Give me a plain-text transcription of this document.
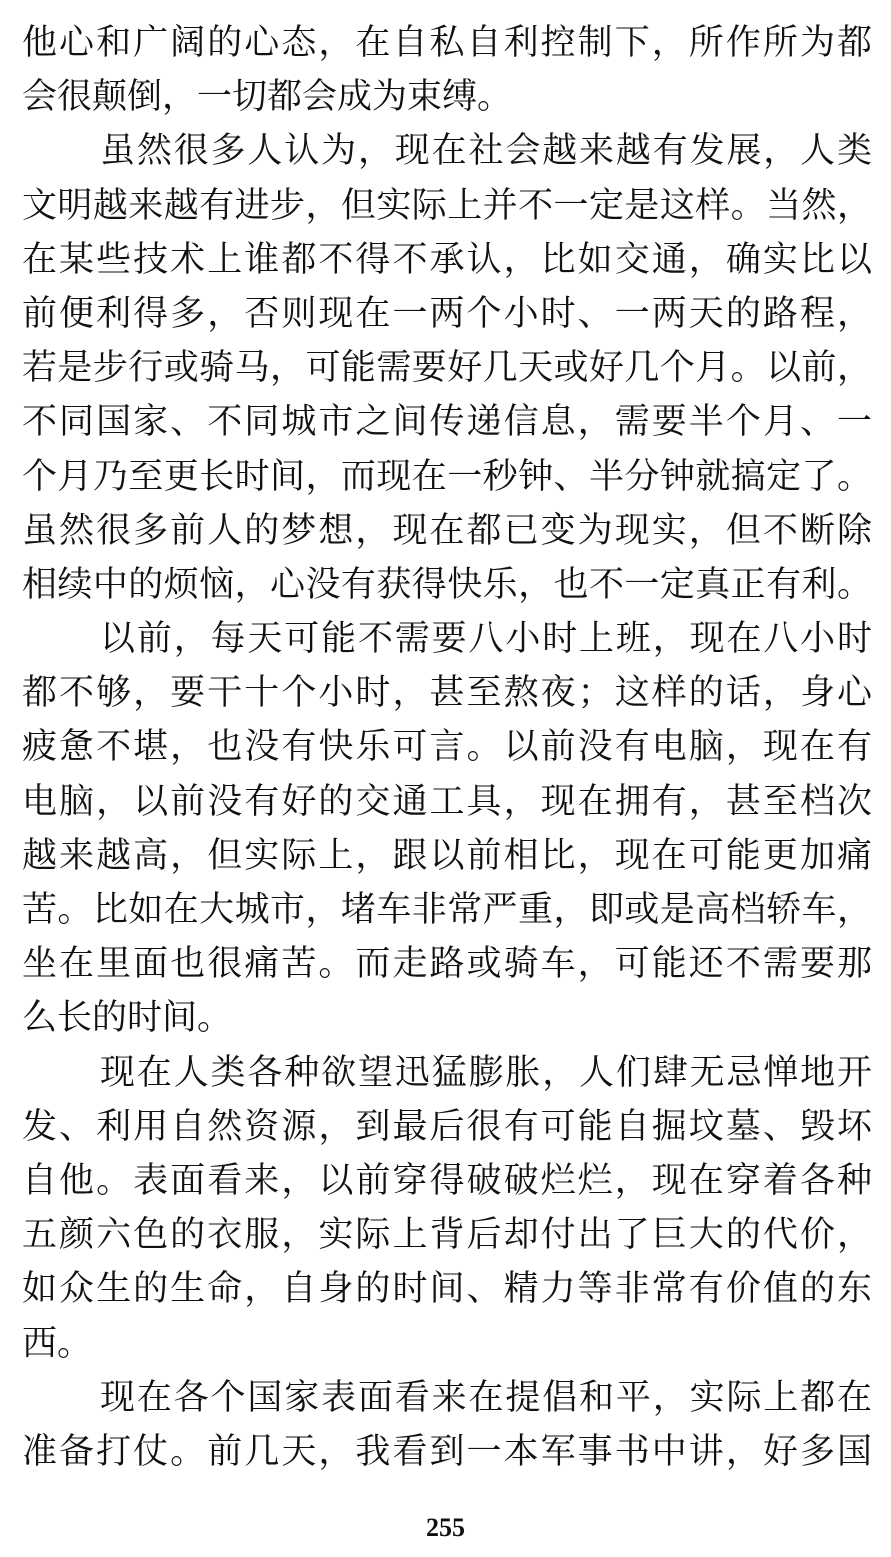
他心和广阔的心态，在自私自利控制下，所作所为都
会很颠倒，一切都会成为束缚。
虽然很多人认为，现在社会越来越有发展，人类
文明越来越有进步，但实际上并不一定是这样。当然，
在某些技术上谁都不得不承认，比如交通，确实比以
前便利得多，否则现在一两个小时、一两天的路程，
若是步行或骑马，可能需要好几天或好几个月。以前，
不同国家、不同城市之间传递信息，需要半个月、一
个月乃至更长时间，而现在一秒钟、半分钟就搞定了。
虽然很多前人的梦想，现在都已变为现实，但不断除
相续中的烦恼，心没有获得快乐，也不一定真正有利。
以前，每天可能不需要八小时上班，现在八小时
都不够，要干十个小时，甚至熬夜；这样的话，身心
疲惫不堪，也没有快乐可言。以前没有电脑，现在有
电脑，以前没有好的交通工具，现在拥有，甚至档次
越来越高，但实际上，跟以前相比，现在可能更加痛
苦。比如在大城市，堵车非常严重，即或是高档轿车，
坐在里面也很痛苦。而走路或骑车，可能还不需要那
么长的时间。
现在人类各种欲望迅猛膨胀，人们肆无忌惮地开
发、利用自然资源，到最后很有可能自掘坟墓、毁坏
自他。表面看来，以前穿得破破烂烂，现在穿着各种
五颜六色的衣服，实际上背后却付出了巨大的代价，
如众生的生命，自身的时间、精力等非常有价值的东
西。
现在各个国家表面看来在提倡和平，实际上都在
准备打仗。前几天，我看到一本军事书中讲，好多国
255
